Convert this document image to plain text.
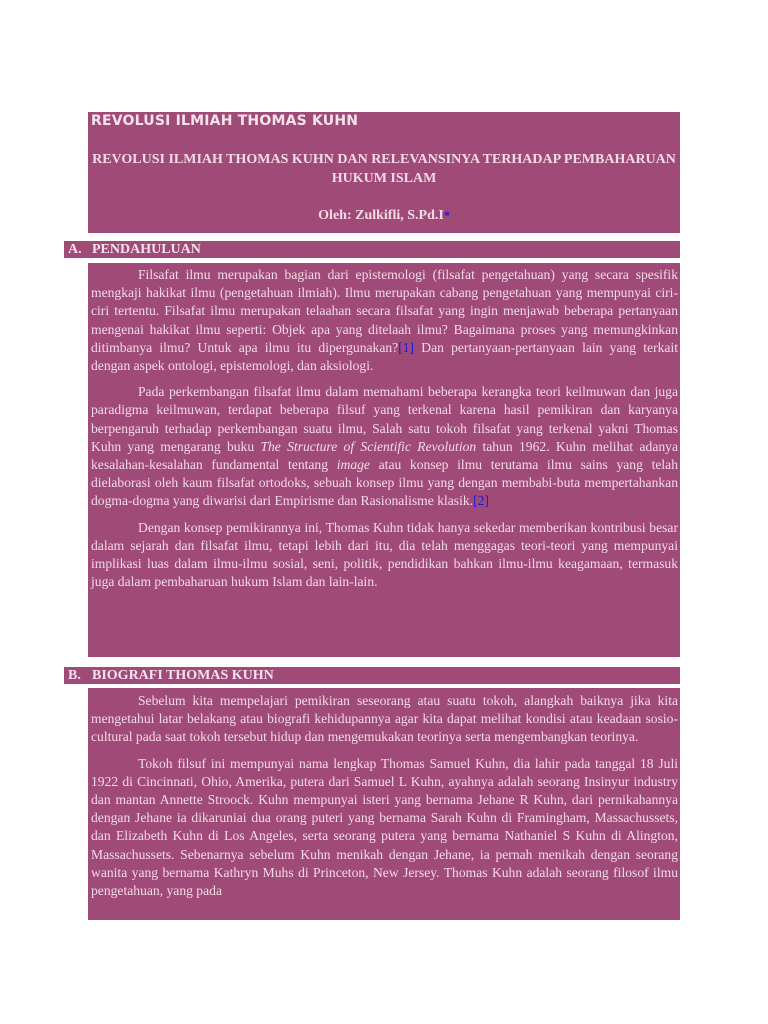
REVOLUSI ILMIAH THOMAS KUHN
REVOLUSI ILMIAH THOMAS KUHN DAN RELEVANSINYA TERHADAP PEMBAHARUAN HUKUM ISLAM
Oleh: Zulkifli, S.Pd.I*
A. PENDAHULUAN

Filsafat ilmu merupakan bagian dari epistemologi (filsafat pengetahuan) yang secara spesifik mengkaji hakikat ilmu (pengetahuan ilmiah). Ilmu merupakan cabang pengetahuan yang mempunyai ciri-ciri tertentu. Filsafat ilmu merupakan telaahan secara filsafat yang ingin menjawab beberapa pertanyaan mengenai hakikat ilmu seperti: Objek apa yang ditelaah ilmu? Bagaimana proses yang memungkinkan ditimbanya ilmu? Untuk apa ilmu itu dipergunakan?[1] Dan pertanyaan-pertanyaan lain yang terkait dengan aspek ontologi, epistemologi, dan aksiologi.

Pada perkembangan filsafat ilmu dalam memahami beberapa kerangka teori keilmuwan dan juga paradigma keilmuwan, terdapat beberapa filsuf yang terkenal karena hasil pemikiran dan karyanya berpengaruh terhadap perkembangan suatu ilmu, Salah satu tokoh filsafat yang terkenal yakni Thomas Kuhn yang mengarang buku The Structure of Scientific Revolution tahun 1962. Kuhn melihat adanya kesalahan-kesalahan fundamental tentang image atau konsep ilmu terutama ilmu sains yang telah dielaborasi oleh kaum filsafat ortodoks, sebuah konsep ilmu yang dengan membabi-buta mempertahankan dogma-dogma yang diwarisi dari Empirisme dan Rasionalisme klasik.[2]

Dengan konsep pemikirannya ini, Thomas Kuhn tidak hanya sekedar memberikan kontribusi besar dalam sejarah dan filsafat ilmu, tetapi lebih dari itu, dia telah menggagas teori-teori yang mempunyai implikasi luas dalam ilmu-ilmu sosial, seni, politik, pendidikan bahkan ilmu-ilmu keagamaan, termasuk juga dalam pembaharuan hukum Islam dan lain-lain.

B. BIOGRAFI THOMAS KUHN

Sebelum kita mempelajari pemikiran seseorang atau suatu tokoh, alangkah baiknya jika kita mengetahui latar belakang atau biografi kehidupannya agar kita dapat melihat kondisi atau keadaan sosio-cultural pada saat tokoh tersebut hidup dan mengemukakan teorinya serta mengembangkan teorinya.

Tokoh filsuf ini mempunyai nama lengkap Thomas Samuel Kuhn, dia lahir pada tanggal 18 Juli 1922 di Cincinnati, Ohio, Amerika, putera dari Samuel L Kuhn, ayahnya adalah seorang Insinyur industry dan mantan Annette Stroock. Kuhn mempunyai isteri yang bernama Jehane R Kuhn, dari pernikahannya dengan Jehane ia dikaruniai dua orang puteri yang bernama Sarah Kuhn di Framingham, Massachussets, dan Elizabeth Kuhn di Los Angeles, serta seorang putera yang bernama Nathaniel S Kuhn di Alington, Massachussets. Sebenarnya sebelum Kuhn menikah dengan Jehane, ia pernah menikah dengan seorang wanita yang bernama Kathryn Muhs di Princeton, New Jersey. Thomas Kuhn adalah seorang filosof ilmu pengetahuan, yang pada
